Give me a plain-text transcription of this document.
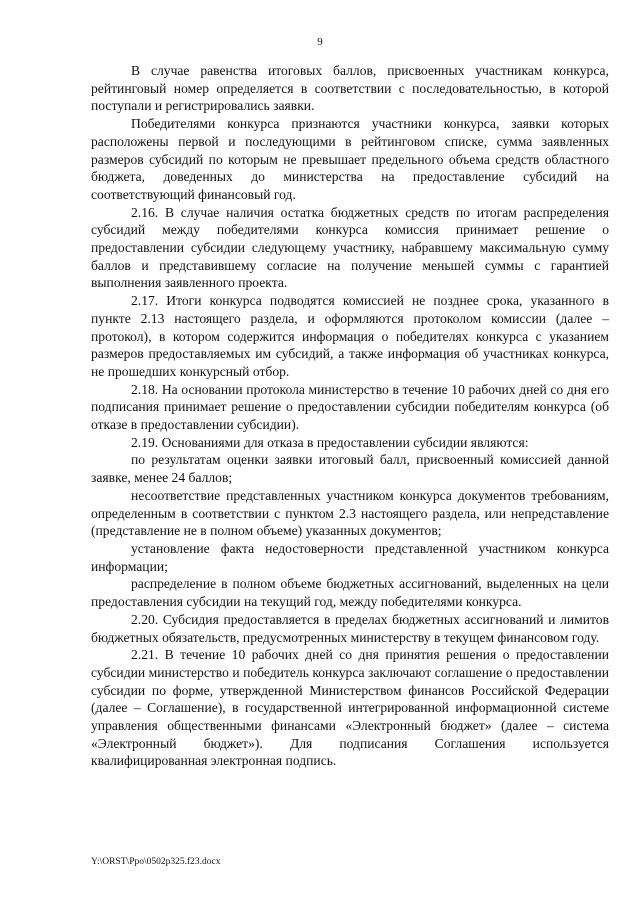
9

В случае равенства итоговых баллов, присвоенных участникам конкурса, рейтинговый номер определяется в соответствии с последовательностью, в которой поступали и регистрировались заявки.

Победителями конкурса признаются участники конкурса, заявки которых расположены первой и последующими в рейтинговом списке, сумма заявленных размеров субсидий по которым не превышает предельного объема средств областного бюджета, доведенных до министерства на предоставление субсидий на соответствующий финансовый год.

2.16. В случае наличия остатка бюджетных средств по итогам распределения субсидий между победителями конкурса комиссия принимает решение о предоставлении субсидии следующему участнику, набравшему максимальную сумму баллов и представившему согласие на получение меньшей суммы с гарантией выполнения заявленного проекта.

2.17. Итоги конкурса подводятся комиссией не позднее срока, указанного в пункте 2.13 настоящего раздела, и оформляются протоколом комиссии (далее – протокол), в котором содержится информация о победителях конкурса с указанием размеров предоставляемых им субсидий, а также информация об участниках конкурса, не прошедших конкурсный отбор.

2.18. На основании протокола министерство в течение 10 рабочих дней со дня его подписания принимает решение о предоставлении субсидии победителям конкурса (об отказе в предоставлении субсидии).

2.19. Основаниями для отказа в предоставлении субсидии являются:

по результатам оценки заявки итоговый балл, присвоенный комиссией данной заявке, менее 24 баллов;

несоответствие представленных участником конкурса документов требованиям, определенным в соответствии с пунктом 2.3 настоящего раздела, или непредставление (представление не в полном объеме) указанных документов;

установление факта недостоверности представленной участником конкурса информации;

распределение в полном объеме бюджетных ассигнований, выделенных на цели предоставления субсидии на текущий год, между победителями конкурса.

2.20. Субсидия предоставляется в пределах бюджетных ассигнований и лимитов бюджетных обязательств, предусмотренных министерству в текущем финансовом году.

2.21. В течение 10 рабочих дней со дня принятия решения о предоставлении субсидии министерство и победитель конкурса заключают соглашение о предоставлении субсидии по форме, утвержденной Министерством финансов Российской Федерации (далее – Соглашение), в государственной интегрированной информационной системе управления общественными финансами «Электронный бюджет» (далее – система «Электронный бюджет»). Для подписания Соглашения используется квалифицированная электронная подпись.

Y:\ORST\Ppo\0502p325.f23.docx
